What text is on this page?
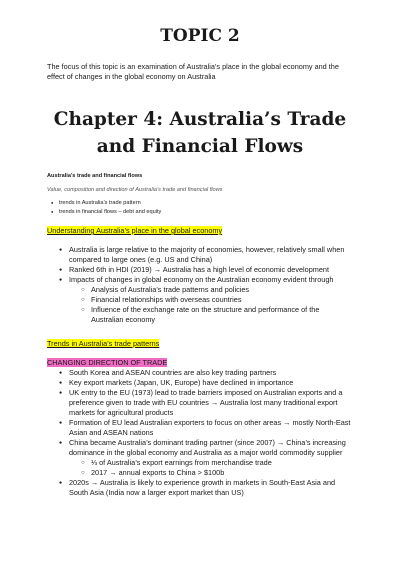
TOPIC 2

The focus of this topic is an examination of Australia’s place in the global economy and the effect of changes in the global economy on Australia

Chapter 4: Australia’s Trade and Financial Flows

Australia’s trade and financial flows

Value, composition and direction of Australia’s trade and financial flows

● trends in Australia’s trade pattern
● trends in financial flows – debt and equity

Understanding Australia’s place in the global economy

● Australia is large relative to the majority of economies, however, relatively small when compared to large ones (e.g. US and China)
● Ranked 6th in HDI (2019) → Australia has a high level of economic development
● Impacts of changes in global economy on the Australian economy evident through
○ Analysis of Australia’s trade patterns and policies
○ Financial relationships with overseas countries
○ Influence of the exchange rate on the structure and performance of the Australian economy

Trends in Australia’s trade patterns

CHANGING DIRECTION OF TRADE

● South Korea and ASEAN countries are also key trading partners
● Key export markets (Japan, UK, Europe) have declined in importance
● UK entry to the EU (1973) lead to trade barriers imposed on Australian exports and a preference given to trade with EU countries → Australia lost many traditional export markets for agricultural products
● Formation of EU lead Australian exporters to focus on other areas → mostly North-East Asian and ASEAN nations
● China became Australia’s dominant trading partner (since 2007) → China’s increasing dominance in the global economy and Australia as a major world commodity supplier
○ ⅓ of Australia’s export earnings from merchandise trade
○ 2017 → annual exports to China > $100b
● 2020s → Australia is likely to experience growth in markets in South-East Asia and South Asia (India now a larger export market than US)
